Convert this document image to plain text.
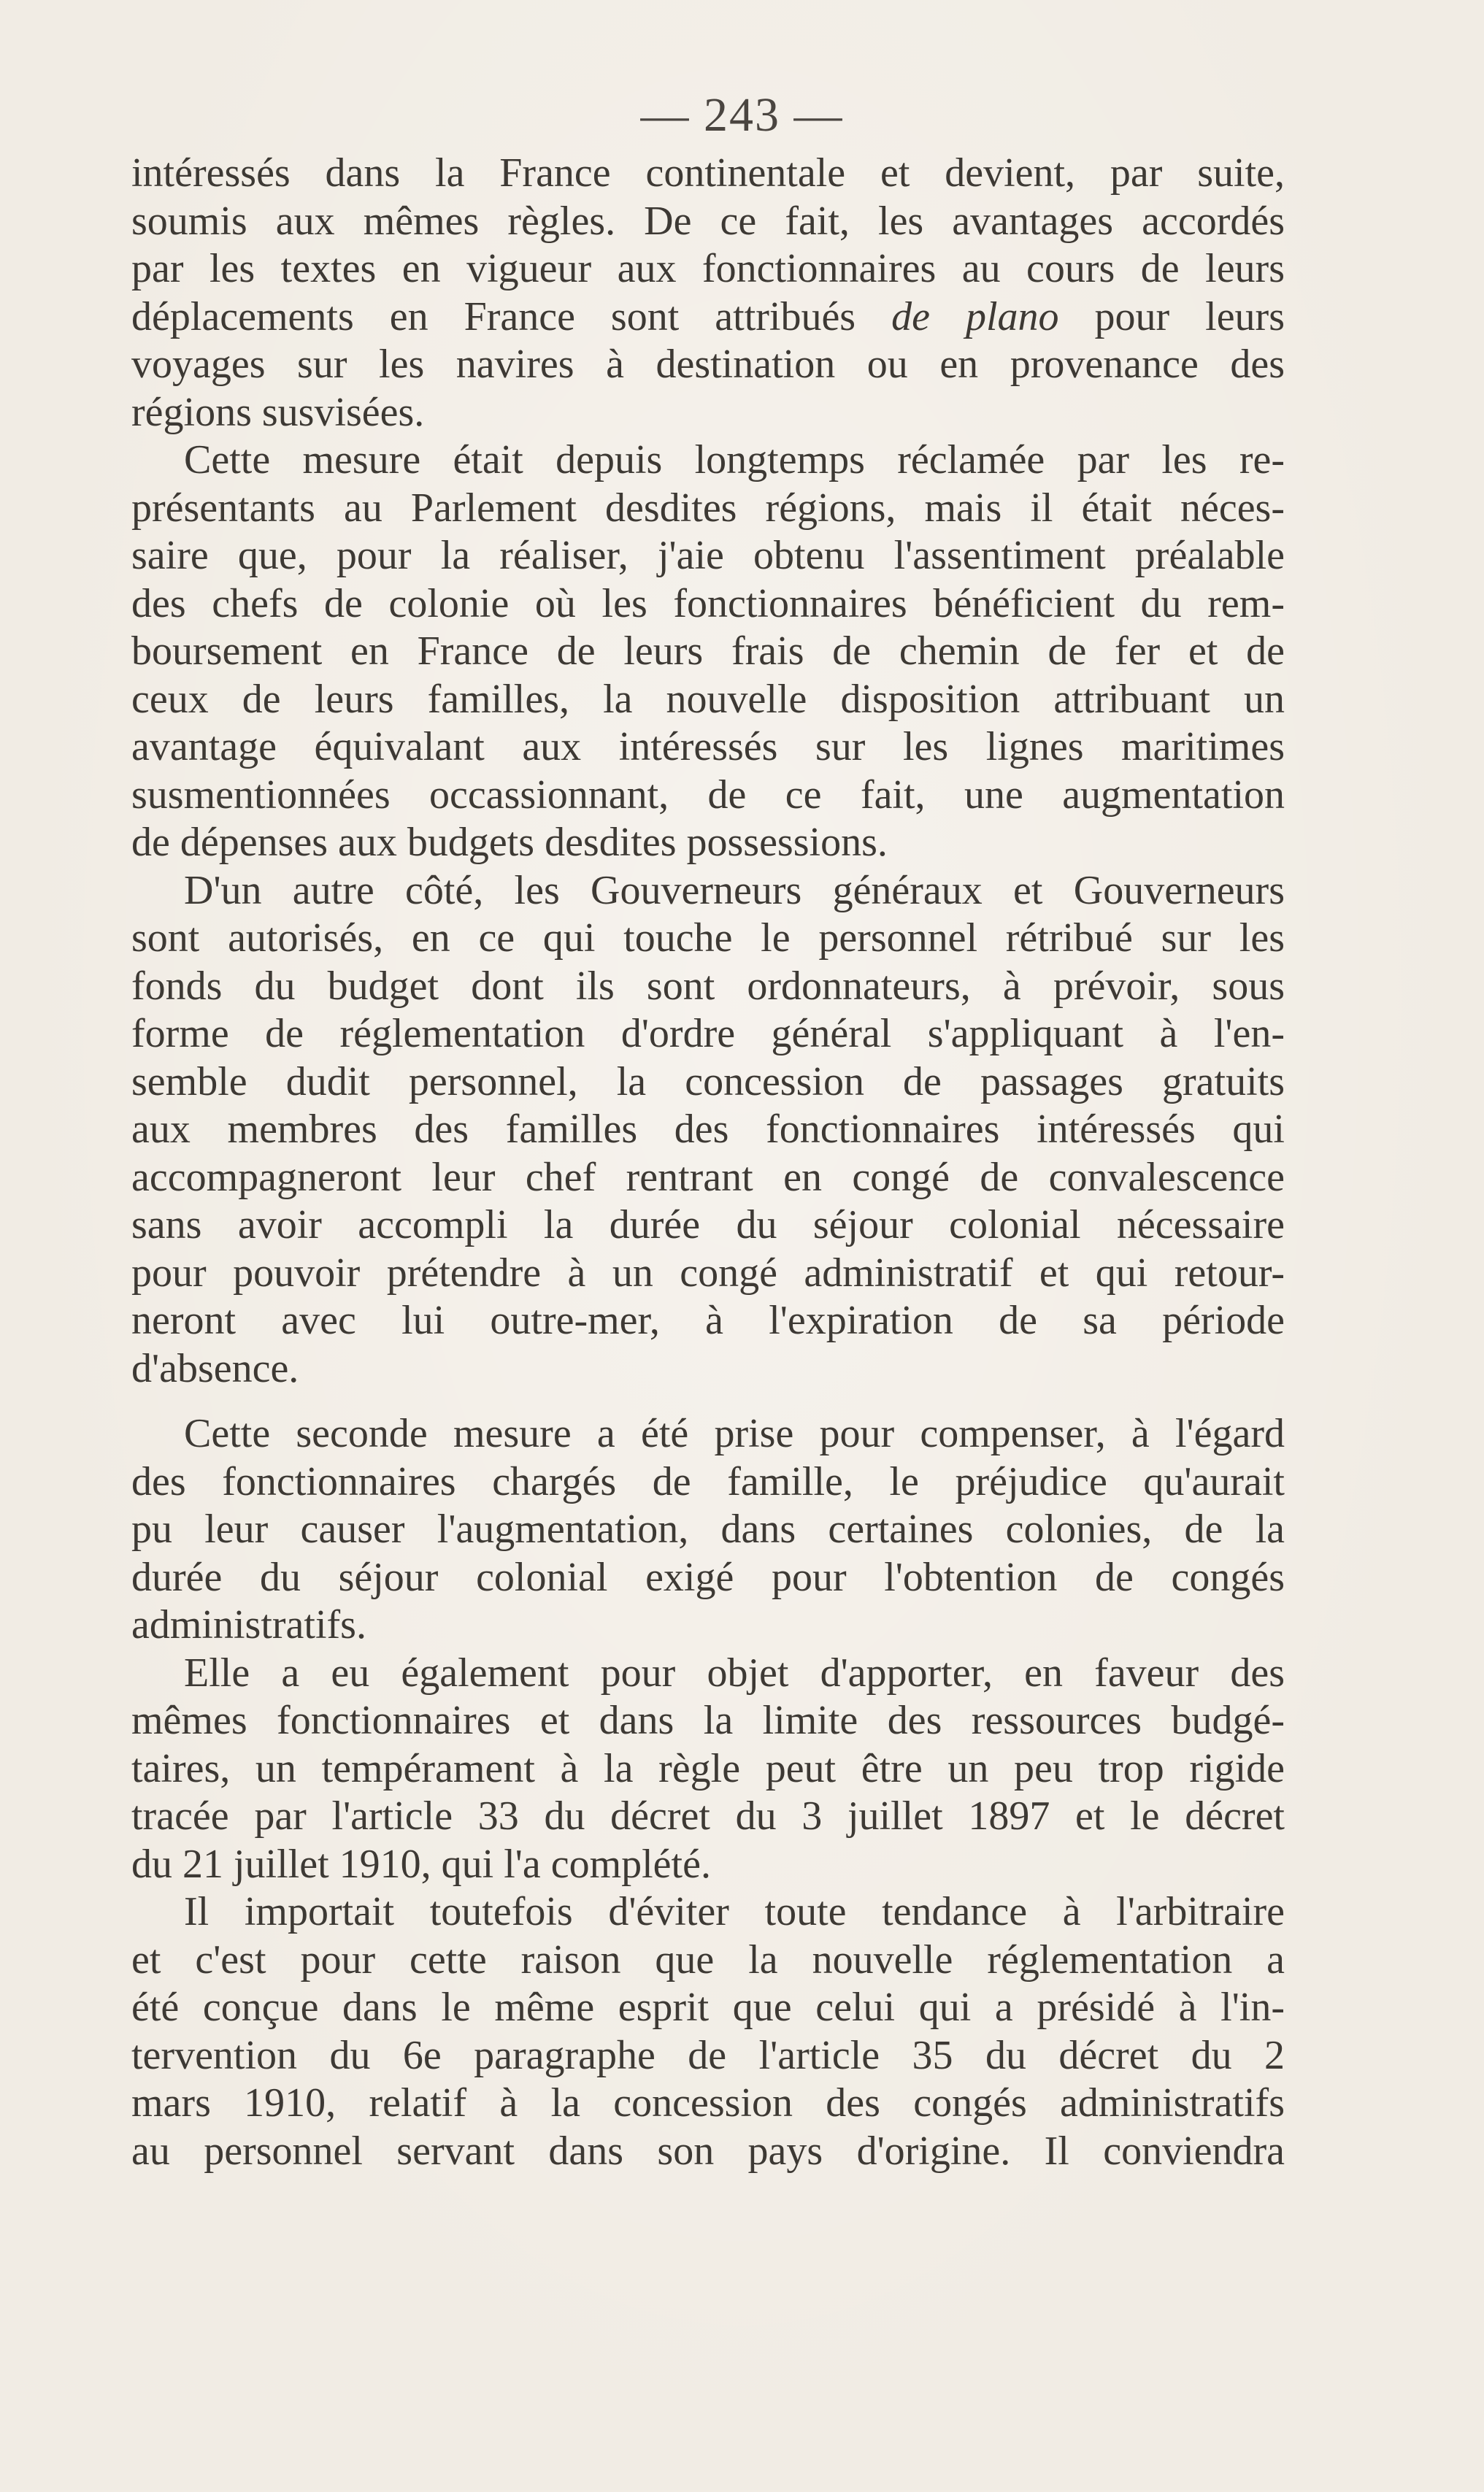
— 243 —
intéressés dans la France continentale et devient, par suite,
soumis aux mêmes règles. De ce fait, les avantages accordés
par les textes en vigueur aux fonctionnaires au cours de leurs
déplacements en France sont attribués de plano pour leurs
voyages sur les navires à destination ou en provenance des
régions susvisées.
Cette mesure était depuis longtemps réclamée par les re-
présentants au Parlement desdites régions, mais il était néces-
saire que, pour la réaliser, j'aie obtenu l'assentiment préalable
des chefs de colonie où les fonctionnaires bénéficient du rem-
boursement en France de leurs frais de chemin de fer et de
ceux de leurs familles, la nouvelle disposition attribuant un
avantage équivalant aux intéressés sur les lignes maritimes
susmentionnées occassionnant, de ce fait, une augmentation
de dépenses aux budgets desdites possessions.
D'un autre côté, les Gouverneurs généraux et Gouverneurs
sont autorisés, en ce qui touche le personnel rétribué sur les
fonds du budget dont ils sont ordonnateurs, à prévoir, sous
forme de réglementation d'ordre général s'appliquant à l'en-
semble dudit personnel, la concession de passages gratuits
aux membres des familles des fonctionnaires intéressés qui
accompagneront leur chef rentrant en congé de convalescence
sans avoir accompli la durée du séjour colonial nécessaire
pour pouvoir prétendre à un congé administratif et qui retour-
neront avec lui outre-mer, à l'expiration de sa période
d'absence.
Cette seconde mesure a été prise pour compenser, à l'égard
des fonctionnaires chargés de famille, le préjudice qu'aurait
pu leur causer l'augmentation, dans certaines colonies, de la
durée du séjour colonial exigé pour l'obtention de congés
administratifs.
Elle a eu également pour objet d'apporter, en faveur des
mêmes fonctionnaires et dans la limite des ressources budgé-
taires, un tempérament à la règle peut être un peu trop rigide
tracée par l'article 33 du décret du 3 juillet 1897 et le décret
du 21 juillet 1910, qui l'a complété.
Il importait toutefois d'éviter toute tendance à l'arbitraire
et c'est pour cette raison que la nouvelle réglementation a
été conçue dans le même esprit que celui qui a présidé à l'in-
tervention du 6e paragraphe de l'article 35 du décret du 2
mars 1910, relatif à la concession des congés administratifs
au personnel servant dans son pays d'origine. Il conviendra
